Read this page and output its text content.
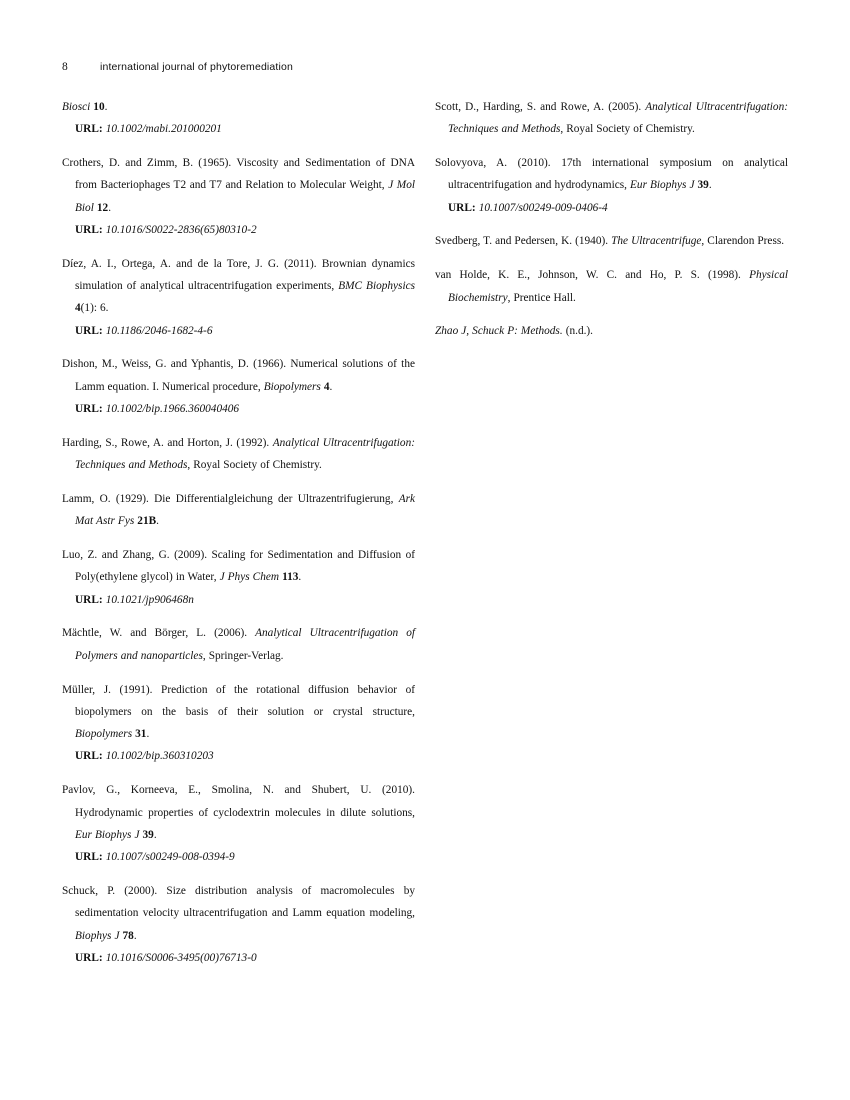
8	international journal of phytoremediation

Biosci 10.

URL: 10.1002/mabi.201000201

Crothers, D. and Zimm, B. (1965). Viscosity and Sedimentation of DNA from Bacteriophages T2 and T7 and Relation to Molecular Weight, J Mol Biol 12.

URL: 10.1016/S0022-2836(65)80310-2

Díez, A. I., Ortega, A. and de la Tore, J. G. (2011). Brownian dynamics simulation of analytical ultracentrifugation experiments, BMC Biophysics 4(1): 6.

URL: 10.1186/2046-1682-4-6

Dishon, M., Weiss, G. and Yphantis, D. (1966). Numerical solutions of the Lamm equation. I. Numerical procedure, Biopolymers 4.

URL: 10.1002/bip.1966.360040406

Harding, S., Rowe, A. and Horton, J. (1992). Analytical Ultracentrifugation: Techniques and Methods, Royal Society of Chemistry.

Lamm, O. (1929). Die Differentialgleichung der Ultrazentrifugierung, Ark Mat Astr Fys 21B.

Luo, Z. and Zhang, G. (2009). Scaling for Sedimentation and Diffusion of Poly(ethylene glycol) in Water, J Phys Chem 113.

URL: 10.1021/jp906468n

Mächtle, W. and Börger, L. (2006). Analytical Ultracentrifugation of Polymers and nanoparticles, Springer-Verlag.

Müller, J. (1991). Prediction of the rotational diffusion behavior of biopolymers on the basis of their solution or crystal structure, Biopolymers 31.

URL: 10.1002/bip.360310203

Pavlov, G., Korneeva, E., Smolina, N. and Shubert, U. (2010). Hydrodynamic properties of cyclodextrin molecules in dilute solutions, Eur Biophys J 39.

URL: 10.1007/s00249-008-0394-9

Schuck, P. (2000). Size distribution analysis of macromolecules by sedimentation velocity ultracentrifugation and Lamm equation modeling, Biophys J 78.

URL: 10.1016/S0006-3495(00)76713-0

Scott, D., Harding, S. and Rowe, A. (2005). Analytical Ultracentrifugation: Techniques and Methods, Royal Society of Chemistry.

Solovyova, A. (2010). 17th international symposium on analytical ultracentrifugation and hydrodynamics, Eur Biophys J 39.

URL: 10.1007/s00249-009-0406-4

Svedberg, T. and Pedersen, K. (1940). The Ultracentrifuge, Clarendon Press.

van Holde, K. E., Johnson, W. C. and Ho, P. S. (1998). Physical Biochemistry, Prentice Hall.

Zhao J, Schuck P: Methods. (n.d.).
